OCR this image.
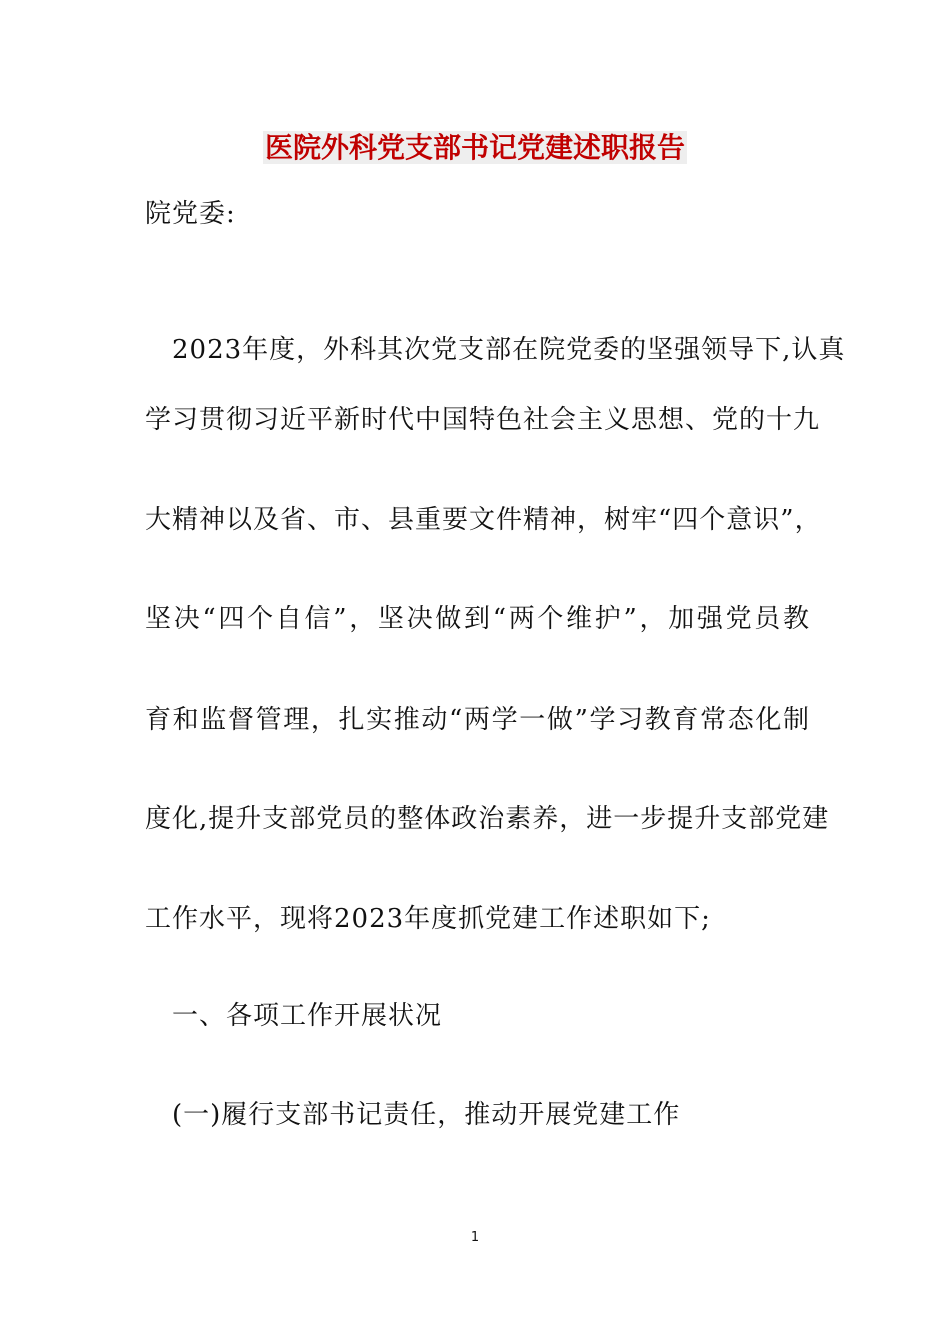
医院外科党支部书记党建述职报告
院党委:
2023年度，外科其次党支部在院党委的坚强领导下,认真
学习贯彻习近平新时代中国特色社会主义思想、党的十九
大精神以及省、市、县重要文件精神，树牢“四个意识”，
坚决“四个自信”，坚决做到“两个维护”，加强党员教
育和监督管理，扎实推动“两学一做”学习教育常态化制
度化,提升支部党员的整体政治素养，进一步提升支部党建
工作水平，现将2023年度抓党建工作述职如下;
一、各项工作开展状况
(一)履行支部书记责任，推动开展党建工作
1
